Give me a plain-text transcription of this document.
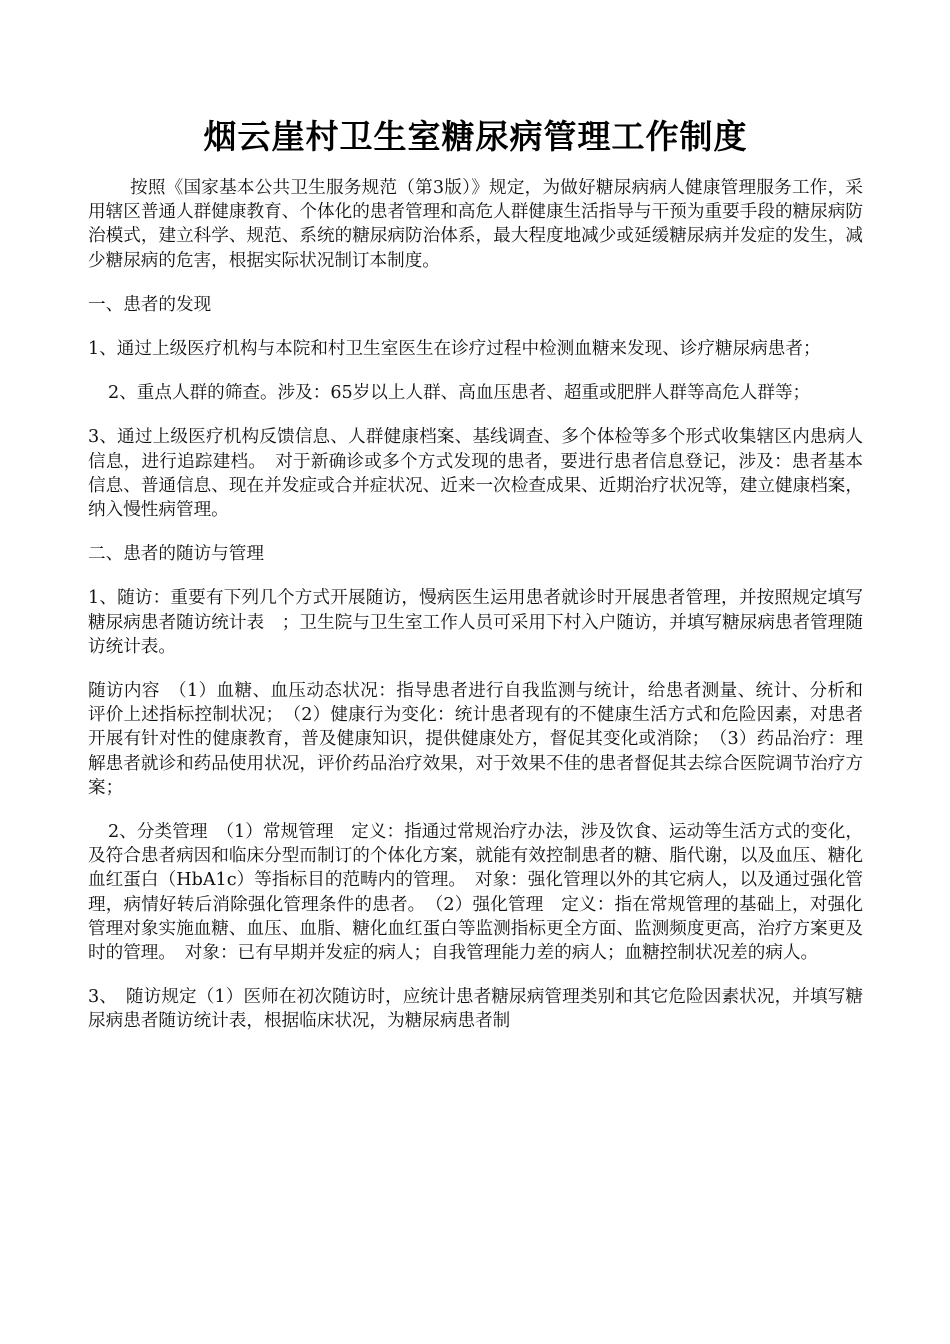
烟云崖村卫生室糖尿病管理工作制度

按照《国家基本公共卫生服务规范（第3版）》规定，为做好糖尿病病人健康管理服务工作，采用辖区普通人群健康教育、个体化的患者管理和高危人群健康生活指导与干预为重要手段的糖尿病防治模式，建立科学、规范、系统的糖尿病防治体系，最大程度地减少或延缓糖尿病并发症的发生，减少糖尿病的危害，根据实际状况制订本制度。

一、患者的发现

1、通过上级医疗机构与本院和村卫生室医生在诊疗过程中检测血糖来发现、诊疗糖尿病患者；

2、重点人群的筛查。涉及：65岁以上人群、高血压患者、超重或肥胖人群等高危人群等；

3、通过上级医疗机构反馈信息、人群健康档案、基线调查、多个体检等多个形式收集辖区内患病人信息，进行追踪建档。　对于新确诊或多个方式发现的患者，要进行患者信息登记，涉及：患者基本信息、普通信息、现在并发症或合并症状况、近来一次检查成果、近期治疗状况等，建立健康档案，纳入慢性病管理。

二、患者的随访与管理

1、随访：重要有下列几个方式开展随访，慢病医生运用患者就诊时开展患者管理，并按照规定填写糖尿病患者随访统计表　；卫生院与卫生室工作人员可采用下村入户随访，并填写糖尿病患者管理随访统计表。

随访内容　（1）血糖、血压动态状况：指导患者进行自我监测与统计，给患者测量、统计、分析和评价上述指标控制状况；　（2）健康行为变化：统计患者现有的不健康生活方式和危险因素，对患者开展有针对性的健康教育，普及健康知识，提供健康处方，督促其变化或消除；　（3）药品治疗：理解患者就诊和药品使用状况，评价药品治疗效果，对于效果不佳的患者督促其去综合医院调节治疗方案；

2、分类管理　（1）常规管理　定义：指通过常规治疗办法，涉及饮食、运动等生活方式的变化，及符合患者病因和临床分型而制订的个体化方案，就能有效控制患者的糖、脂代谢，以及血压、糖化血红蛋白（HbA1c）等指标目的范畴内的管理。　对象：强化管理以外的其它病人，以及通过强化管理，病情好转后消除强化管理条件的患者。　（2）强化管理　定义：指在常规管理的基础上，对强化管理对象实施血糖、血压、血脂、糖化血红蛋白等监测指标更全方面、监测频度更高，治疗方案更及时的管理。　对象：已有早期并发症的病人；自我管理能力差的病人；血糖控制状况差的病人。

3、　随访规定（1）医师在初次随访时，应统计患者糖尿病管理类别和其它危险因素状况，并填写糖尿病患者随访统计表，根据临床状况，为糖尿病患者制
